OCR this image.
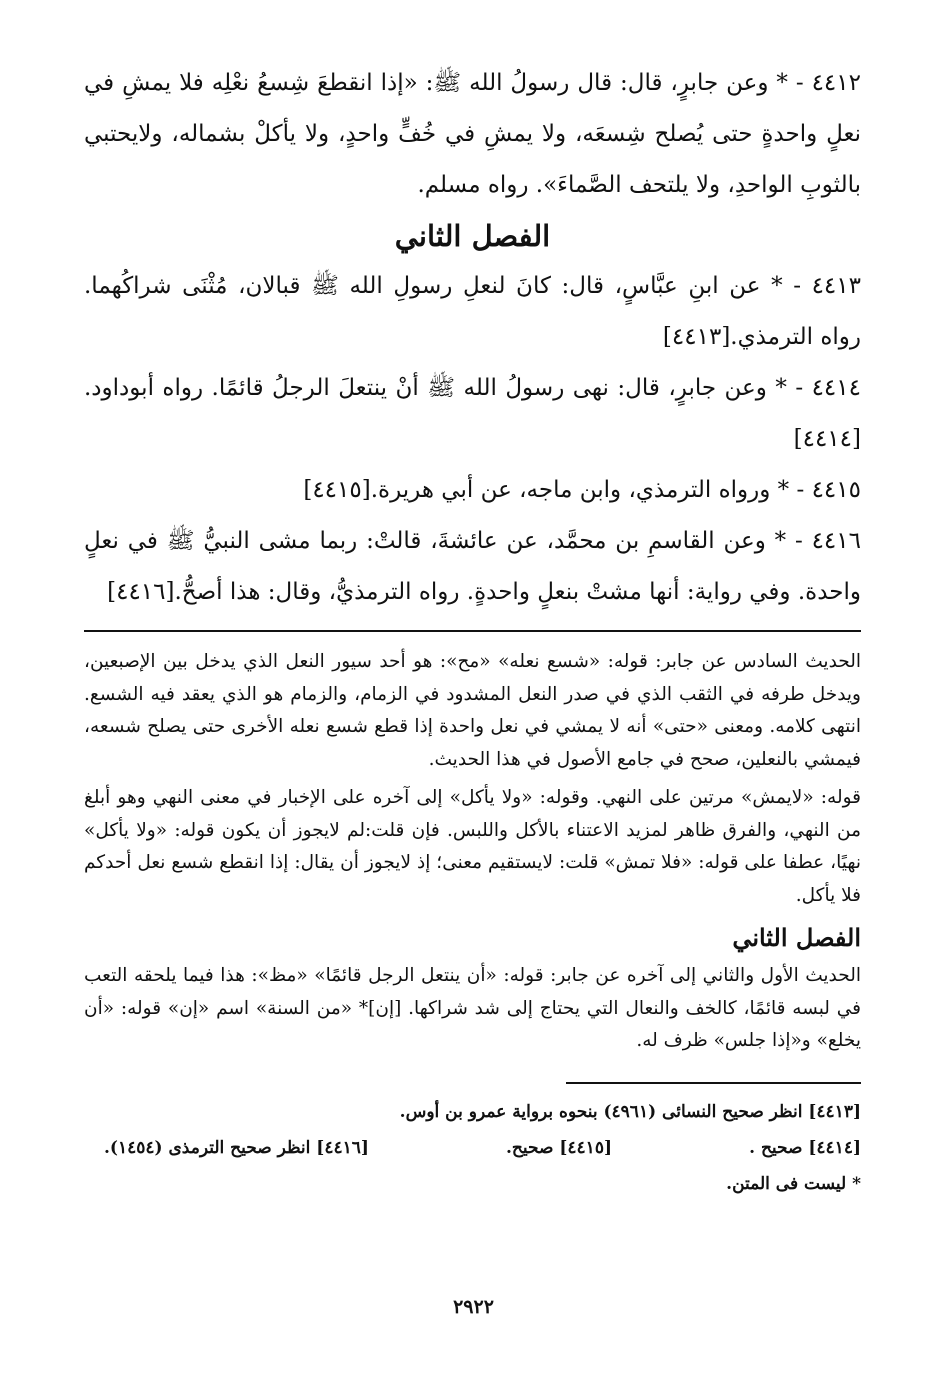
٤٤١٢ - * وعن جابرٍ، قال: قال رسولُ الله ﷺ: «إذا انقطعَ شِسعُ نعْلِه فلا يمشِ في نعلٍ واحدةٍ حتى يُصلح شِسعَه، ولا يمشِ في خُفٍّ واحدٍ، ولا يأكلْ بشماله، ولايحتبي بالثوبِ الواحدِ، ولا يلتحف الصَّماءَ». رواه مسلم.

الفصل الثاني

٤٤١٣ - * عن ابنِ عبَّاسٍ، قال: كانَ لنعلِ رسولِ الله ﷺ قبالان، مُثْنَى شراكُهما. رواه الترمذي.[٤٤١٣]

٤٤١٤ - * وعن جابرٍ، قال: نهى رسولُ الله ﷺ أنْ ينتعلَ الرجلُ قائمًا. رواه أبوداود.[٤٤١٤]

٤٤١٥ - * ورواه الترمذي، وابن ماجه، عن أبي هريرة.[٤٤١٥]

٤٤١٦ - * وعن القاسمِ بن محمَّد، عن عائشةَ، قالتْ: ربما مشى النبيُّ ﷺ في نعلٍ واحدة. وفي رواية: أنها مشتْ بنعلٍ واحدةٍ. رواه الترمذيُّ، وقال: هذا أصحُّ.[٤٤١٦]

الحديث السادس عن جابر: قوله: «شسع نعله» «مح»: هو أحد سيور النعل الذي يدخل بين الإصبعين، ويدخل طرفه في الثقب الذي في صدر النعل المشدود في الزمام، والزمام هو الذي يعقد فيه الشسع. انتهى كلامه. ومعنى «حتى» أنه لا يمشي في نعل واحدة إذا قطع شسع نعله الأخرى حتى يصلح شسعه، فيمشي بالنعلين، صحح في جامع الأصول في هذا الحديث.

قوله: «لايمش» مرتين على النهي. وقوله: «ولا يأكل» إلى آخره على الإخبار في معنى النهي وهو أبلغ من النهي، والفرق ظاهر لمزيد الاعتناء بالأكل واللبس. فإن قلت:لم لايجوز أن يكون قوله: «ولا يأكل» نهيًا، عطفا على قوله: «فلا تمش» قلت: لايستقيم معنى؛ إذ لايجوز أن يقال: إذا انقطع شسع نعل أحدكم فلا يأكل.

الفصل الثاني

الحديث الأول والثاني إلى آخره عن جابر: قوله: «أن ينتعل الرجل قائمًا» «مظ»: هذا فيما يلحقه التعب في لبسه قائمًا، كالخف والنعال التي يحتاج إلى شد شراكها. [إن]* «من السنة» اسم «إن» قوله: «أن يخلع» و«إذا جلس» ظرف له.

[٤٤١٣] انظر صحيح النسائى (٤٩٦١) بنحوه برواية عمرو بن أوس.
[٤٤١٤] صحيح .
[٤٤١٥] صحيح.
[٤٤١٦] انظر صحيح الترمذى (١٤٥٤).
* ليست فى المتن.
٢٩٢٢
